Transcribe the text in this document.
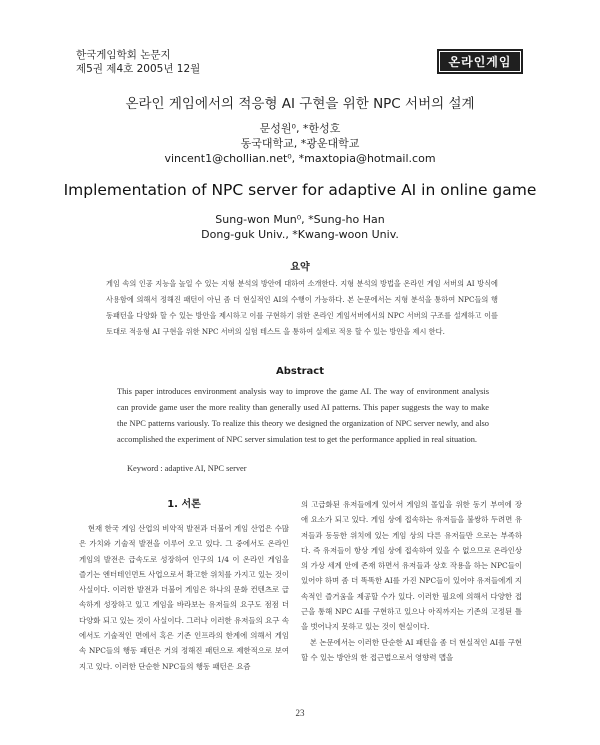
한국게임학회 논문지
제5권 제4호 2005년 12월	온라인게임
온라인 게임에서의 적응형 AI 구현을 위한 NPC 서버의 설계
문성원⁰, *한성호
동국대학교, *광운대학교
vincent1@chollian.net⁰, *maxtopia@hotmail.com
Implementation of NPC server for adaptive AI in online game
Sung-won Mun⁰, *Sung-ho Han
Dong-guk Univ., *Kwang-woon Univ.
요약
게임 속의 인공 지능을 높일 수 있는 지형 분석의 방안에 대하여 소개한다. 지형 분석의 방법을 온라인 게임 서버의 AI 방식에 사용함에 의해서 정해진 패턴이 아닌 좀 더 현실적인 AI의 수행이 가능하다. 본 논문에서는 지형 분석을 통하여 NPC들의 행동패턴을 다양화 할 수 있는 방안을 제시하고 이를 구현하기 위한 온라인 게임서버에서의 NPC 서버의 구조를 설계하고 이를 토대로 적응형 AI 구현을 위한 NPC 서버의 실험 테스트 을 통하여 실제로 적용 할 수 있는 방안을 제시 한다.
Abstract
This paper introduces environment analysis way to improve the game AI. The way of environment analysis can provide game user the more reality than generally used AI patterns. This paper suggests the way to make the NPC patterns variously. To realize this theory we designed the organization of NPC server newly, and also accomplished the experiment of NPC server simulation test to get the performance applied in real situation.
Keyword : adaptive AI, NPC server
1. 서론

현재 한국 게임 산업의 비약적 발전과 더불어 게임 산업은 수많은 가치와 기술적 발전을 이루어 오고 있다. 그 중에서도 온라인 게임의 발전은 급속도로 성장하여 인구의 1/4 이 온라인 게임을 즐기는 엔터테인먼트 사업으로서 확고한 위치를 가지고 있는 것이 사실이다. 이러한 발전과 더불어 게임은 하나의 문화 컨텐츠로 급속하게 성장하고 있고 게임을 바라보는 유저들의 요구도 점점 더 다양화 되고 있는 것이 사실이다. 그러나 이러한 유저들의 요구 속 에서도 기술적인 면에서 혹은 기존 인프라의 한계에 의해서 게임 속 NPC들의 행동 패턴은 거의 정해진 패턴으로 제한적으로 보여 지고 있다. 이러한 단순한 NPC들의 행동 패턴은 요즘

의 고급화된 유저들에게 있어서 게임의 몰입을 위한 동기 부여에 장애 요소가 되고 있다. 게임 상에 접속하는 유저들을 불쌍하 두려면 유저들과 동등한 위치에 있는 게임 상의 다른 유저들만 으로는 부족하다. 즉 유저들이 항상 게임 상에 접속하여 있을 수 없으므로 온라인상의 가상 세계 안에 존재 하면서 유저들과 상호 작용을 하는 NPC들이 있어야 하며 좀 더 똑똑한 AI를 가진 NPC들이 있어야 유저들에게 지속적인 즐거움을 제공할 수가 있다. 이러한 필요에 의해서 다양한 접근을 통해 NPC AI를 구현하고 있으나 아직까지는 기존의 고정된 틀을 벗어나지 못하고 있는 것이 현실이다.

본 논문에서는 이러한 단순한 AI 패턴을 좀 더 현실적인 AI를 구현할 수 있는 방안의 한 접근법으로서 영향력 맵을

23
